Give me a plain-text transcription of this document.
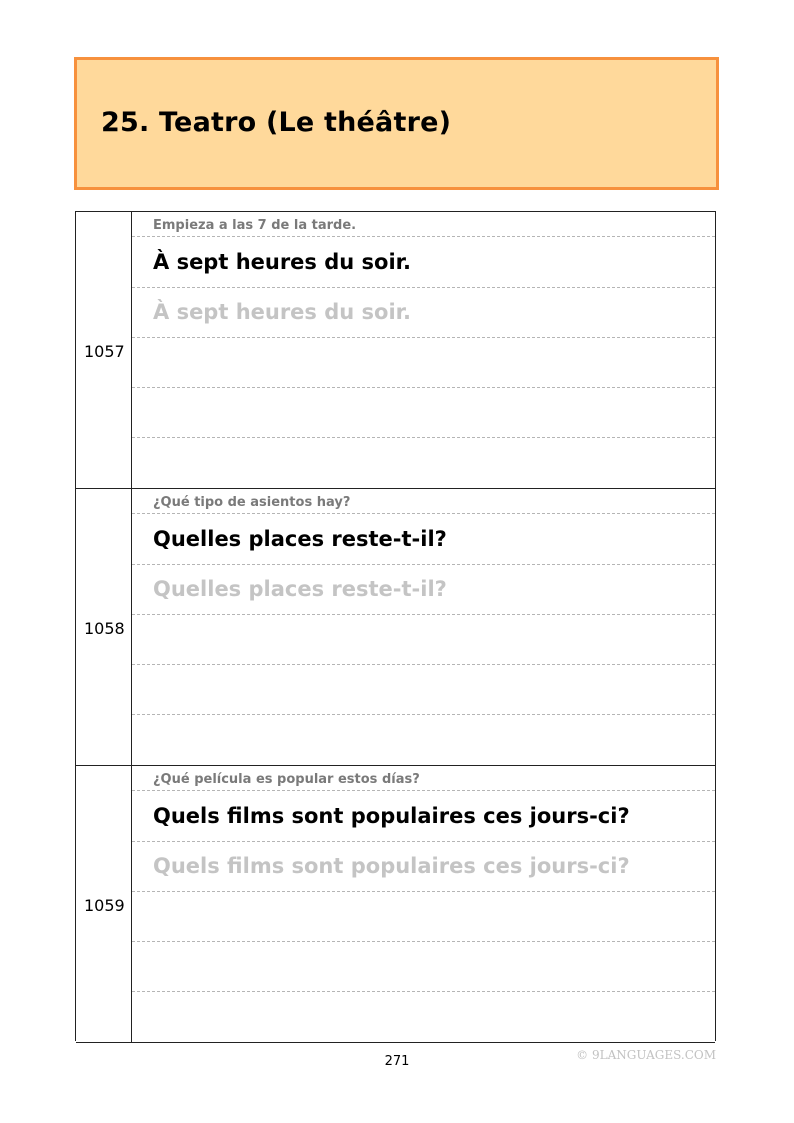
25. Teatro (Le théâtre)
1057
Empieza a las 7 de la tarde.
À sept heures du soir.
À sept heures du soir.
1058
¿Qué tipo de asientos hay?
Quelles places reste-t-il?
Quelles places reste-t-il?
1059
¿Qué película es popular estos días?
Quels films sont populaires ces jours-ci?
Quels films sont populaires ces jours-ci?
271	© 9LANGUAGES.COM
